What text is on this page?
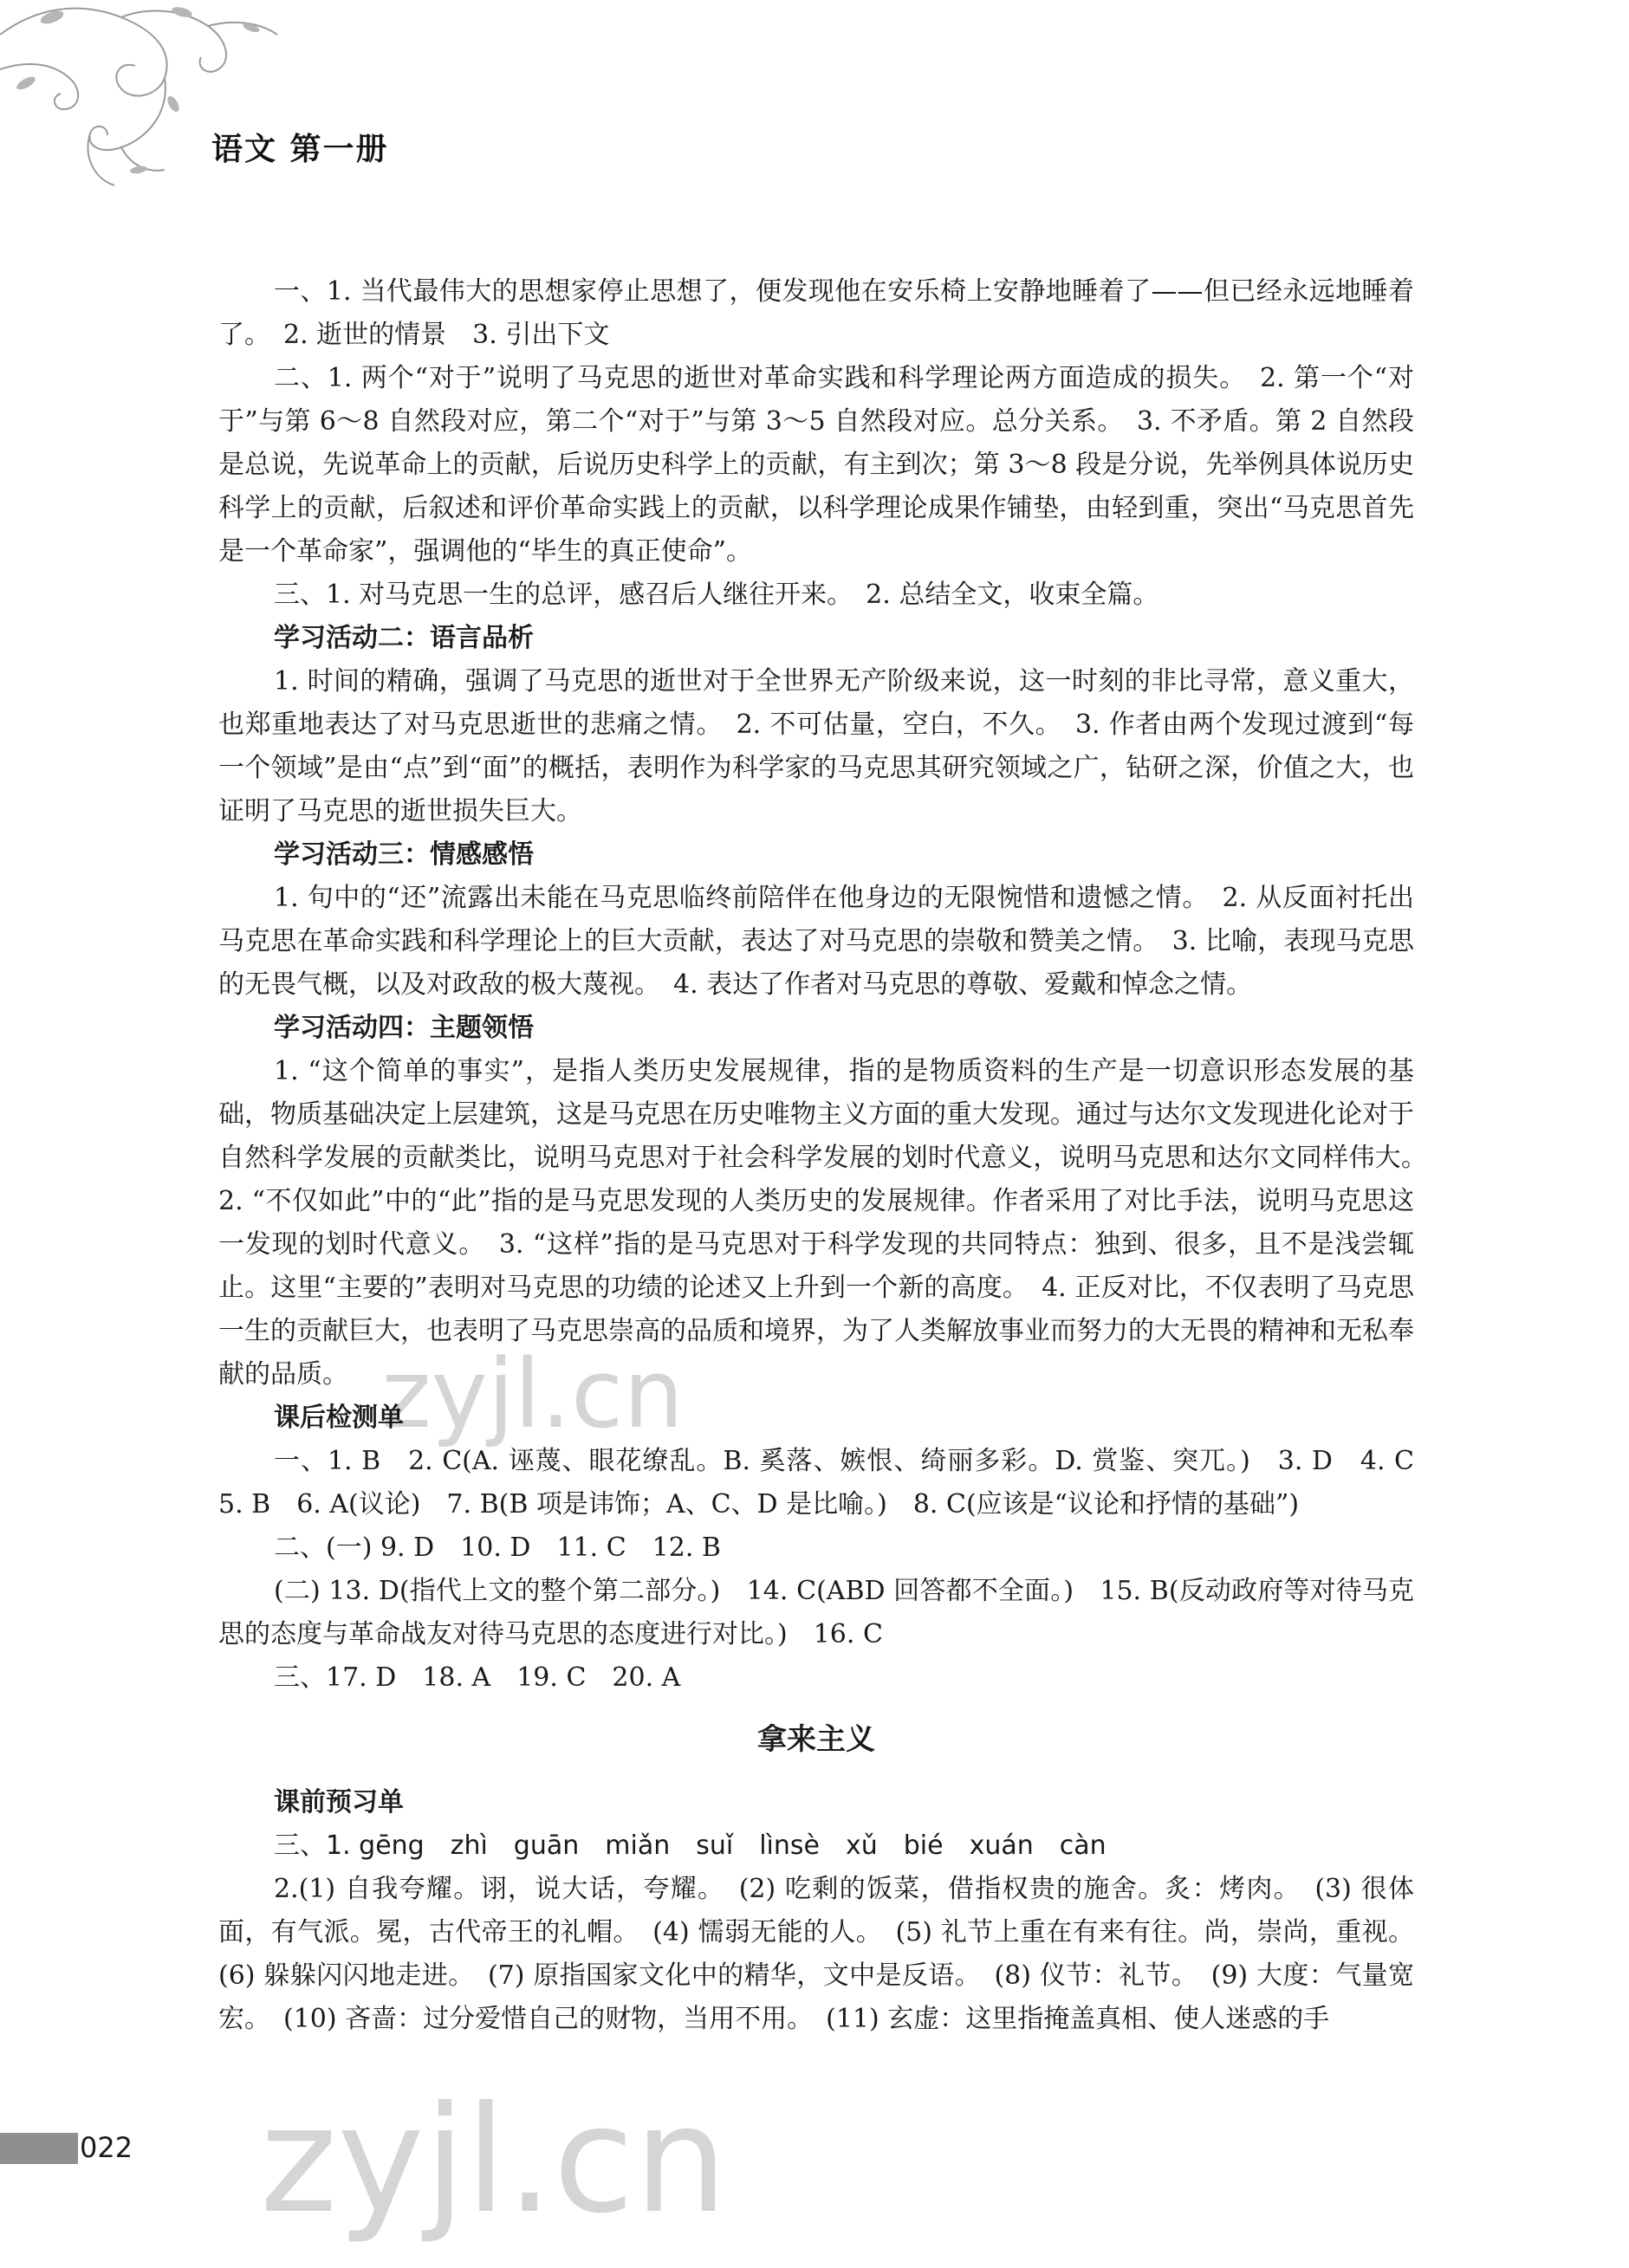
语文 第一册

一、1. 当代最伟大的思想家停止思想了，便发现他在安乐椅上安静地睡着了——但已经永远地睡着了。　2. 逝世的情景　3. 引出下文

二、1. 两个“对于”说明了马克思的逝世对革命实践和科学理论两方面造成的损失。　2. 第一个“对于”与第 6～8 自然段对应，第二个“对于”与第 3～5 自然段对应。总分关系。　3. 不矛盾。第 2 自然段是总说，先说革命上的贡献，后说历史科学上的贡献，有主到次；第 3～8 段是分说，先举例具体说历史科学上的贡献，后叙述和评价革命实践上的贡献，以科学理论成果作铺垫，由轻到重，突出“马克思首先是一个革命家”，强调他的“毕生的真正使命”。

三、1. 对马克思一生的总评，感召后人继往开来。　2. 总结全文，收束全篇。

学习活动二：语言品析

1. 时间的精确，强调了马克思的逝世对于全世界无产阶级来说，这一时刻的非比寻常，意义重大，也郑重地表达了对马克思逝世的悲痛之情。　2. 不可估量，空白，不久。　3. 作者由两个发现过渡到“每一个领域”是由“点”到“面”的概括，表明作为科学家的马克思其研究领域之广，钻研之深，价值之大，也证明了马克思的逝世损失巨大。

学习活动三：情感感悟

1. 句中的“还”流露出未能在马克思临终前陪伴在他身边的无限惋惜和遗憾之情。　2. 从反面衬托出马克思在革命实践和科学理论上的巨大贡献，表达了对马克思的崇敬和赞美之情。　3. 比喻，表现马克思的无畏气概，以及对政敌的极大蔑视。　4. 表达了作者对马克思的尊敬、爱戴和悼念之情。

学习活动四：主题领悟

1. “这个简单的事实”，是指人类历史发展规律，指的是物质资料的生产是一切意识形态发展的基础，物质基础决定上层建筑，这是马克思在历史唯物主义方面的重大发现。通过与达尔文发现进化论对于自然科学发展的贡献类比，说明马克思对于社会科学发展的划时代意义，说明马克思和达尔文同样伟大。　2. “不仅如此”中的“此”指的是马克思发现的人类历史的发展规律。作者采用了对比手法，说明马克思这一发现的划时代意义。　3. “这样”指的是马克思对于科学发现的共同特点：独到、很多，且不是浅尝辄止。这里“主要的”表明对马克思的功绩的论述又上升到一个新的高度。　4. 正反对比，不仅表明了马克思一生的贡献巨大，也表明了马克思崇高的品质和境界，为了人类解放事业而努力的大无畏的精神和无私奉献的品质。

课后检测单

一、1. B　2. C(A. 诬蔑、眼花缭乱。B. 奚落、嫉恨、绮丽多彩。D. 赏鉴、突兀。)　3. D　4. C　5. B　6. A(议论)　7. B(B 项是讳饰；A、C、D 是比喻。)　8. C(应该是“议论和抒情的基础”)

二、(一) 9. D　10. D　11. C　12. B

(二) 13. D(指代上文的整个第二部分。)　14. C(ABD 回答都不全面。)　15. B(反动政府等对待马克思的态度与革命战友对待马克思的态度进行对比。)　16. C

三、17. D　18. A　19. C　20. A

拿来主义
课前预习单
三、1. gēng　zhì　guān　miǎn　suǐ　lìnsè　xǔ　bié　xuán　càn

2.(1) 自我夸耀。诩，说大话，夸耀。　(2) 吃剩的饭菜，借指权贵的施舍。炙：烤肉。　(3) 很体面，有气派。冕，古代帝王的礼帽。　(4) 懦弱无能的人。　(5) 礼节上重在有来有往。尚，崇尚，重视。(6) 躲躲闪闪地走进。　(7) 原指国家文化中的精华，文中是反语。　(8) 仪节：礼节。　(9) 大度：气量宽宏。　(10) 吝啬：过分爱惜自己的财物，当用不用。　(11) 玄虚：这里指掩盖真相、使人迷惑的手

zyjl.cn
zyjl.cn
022
